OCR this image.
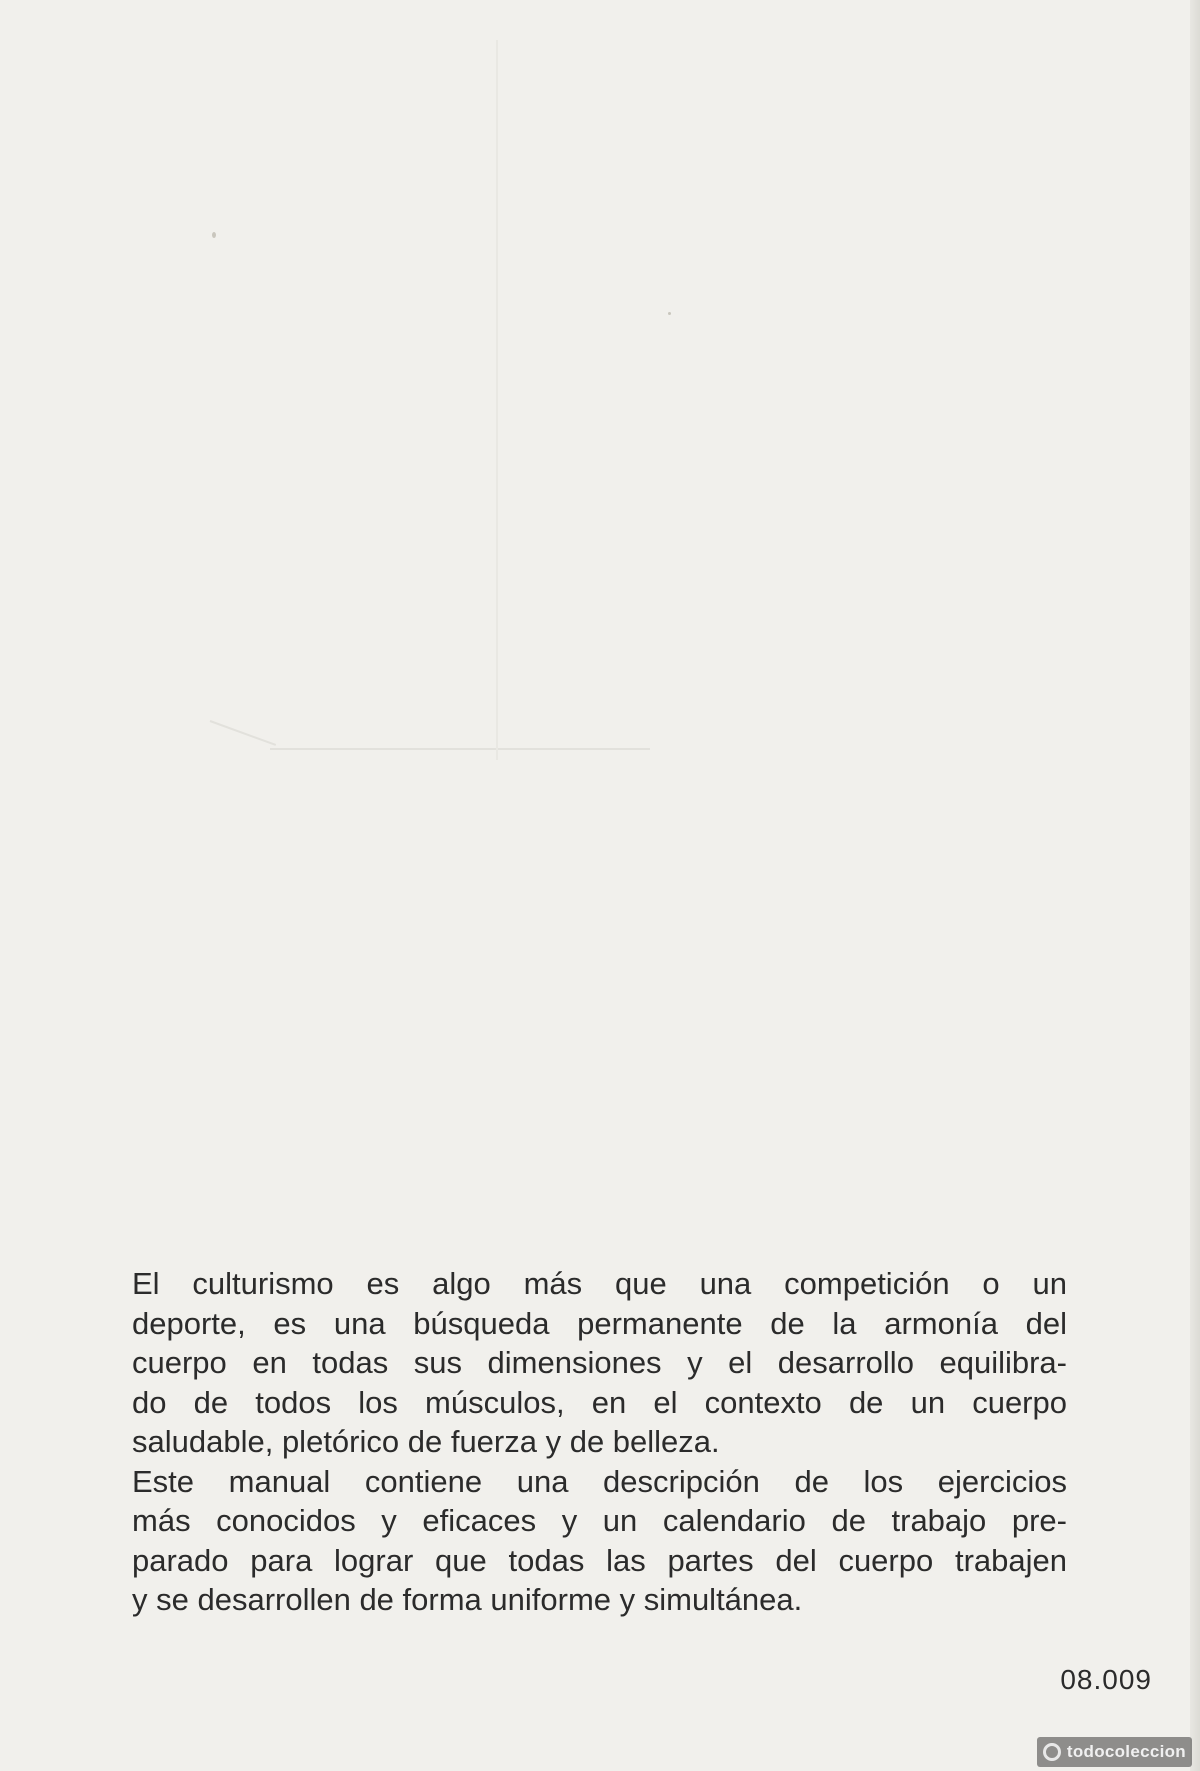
El culturismo es algo más que una competición o un
deporte, es una búsqueda permanente de la armonía del
cuerpo en todas sus dimensiones y el desarrollo equilibra-
do de todos los músculos, en el contexto de un cuerpo
saludable, pletórico de fuerza y de belleza.
Este manual contiene una descripción de los ejercicios
más conocidos y eficaces y un calendario de trabajo pre-
parado para lograr que todas las partes del cuerpo trabajen
y se desarrollen de forma uniforme y simultánea.

08.009
todocoleccion
